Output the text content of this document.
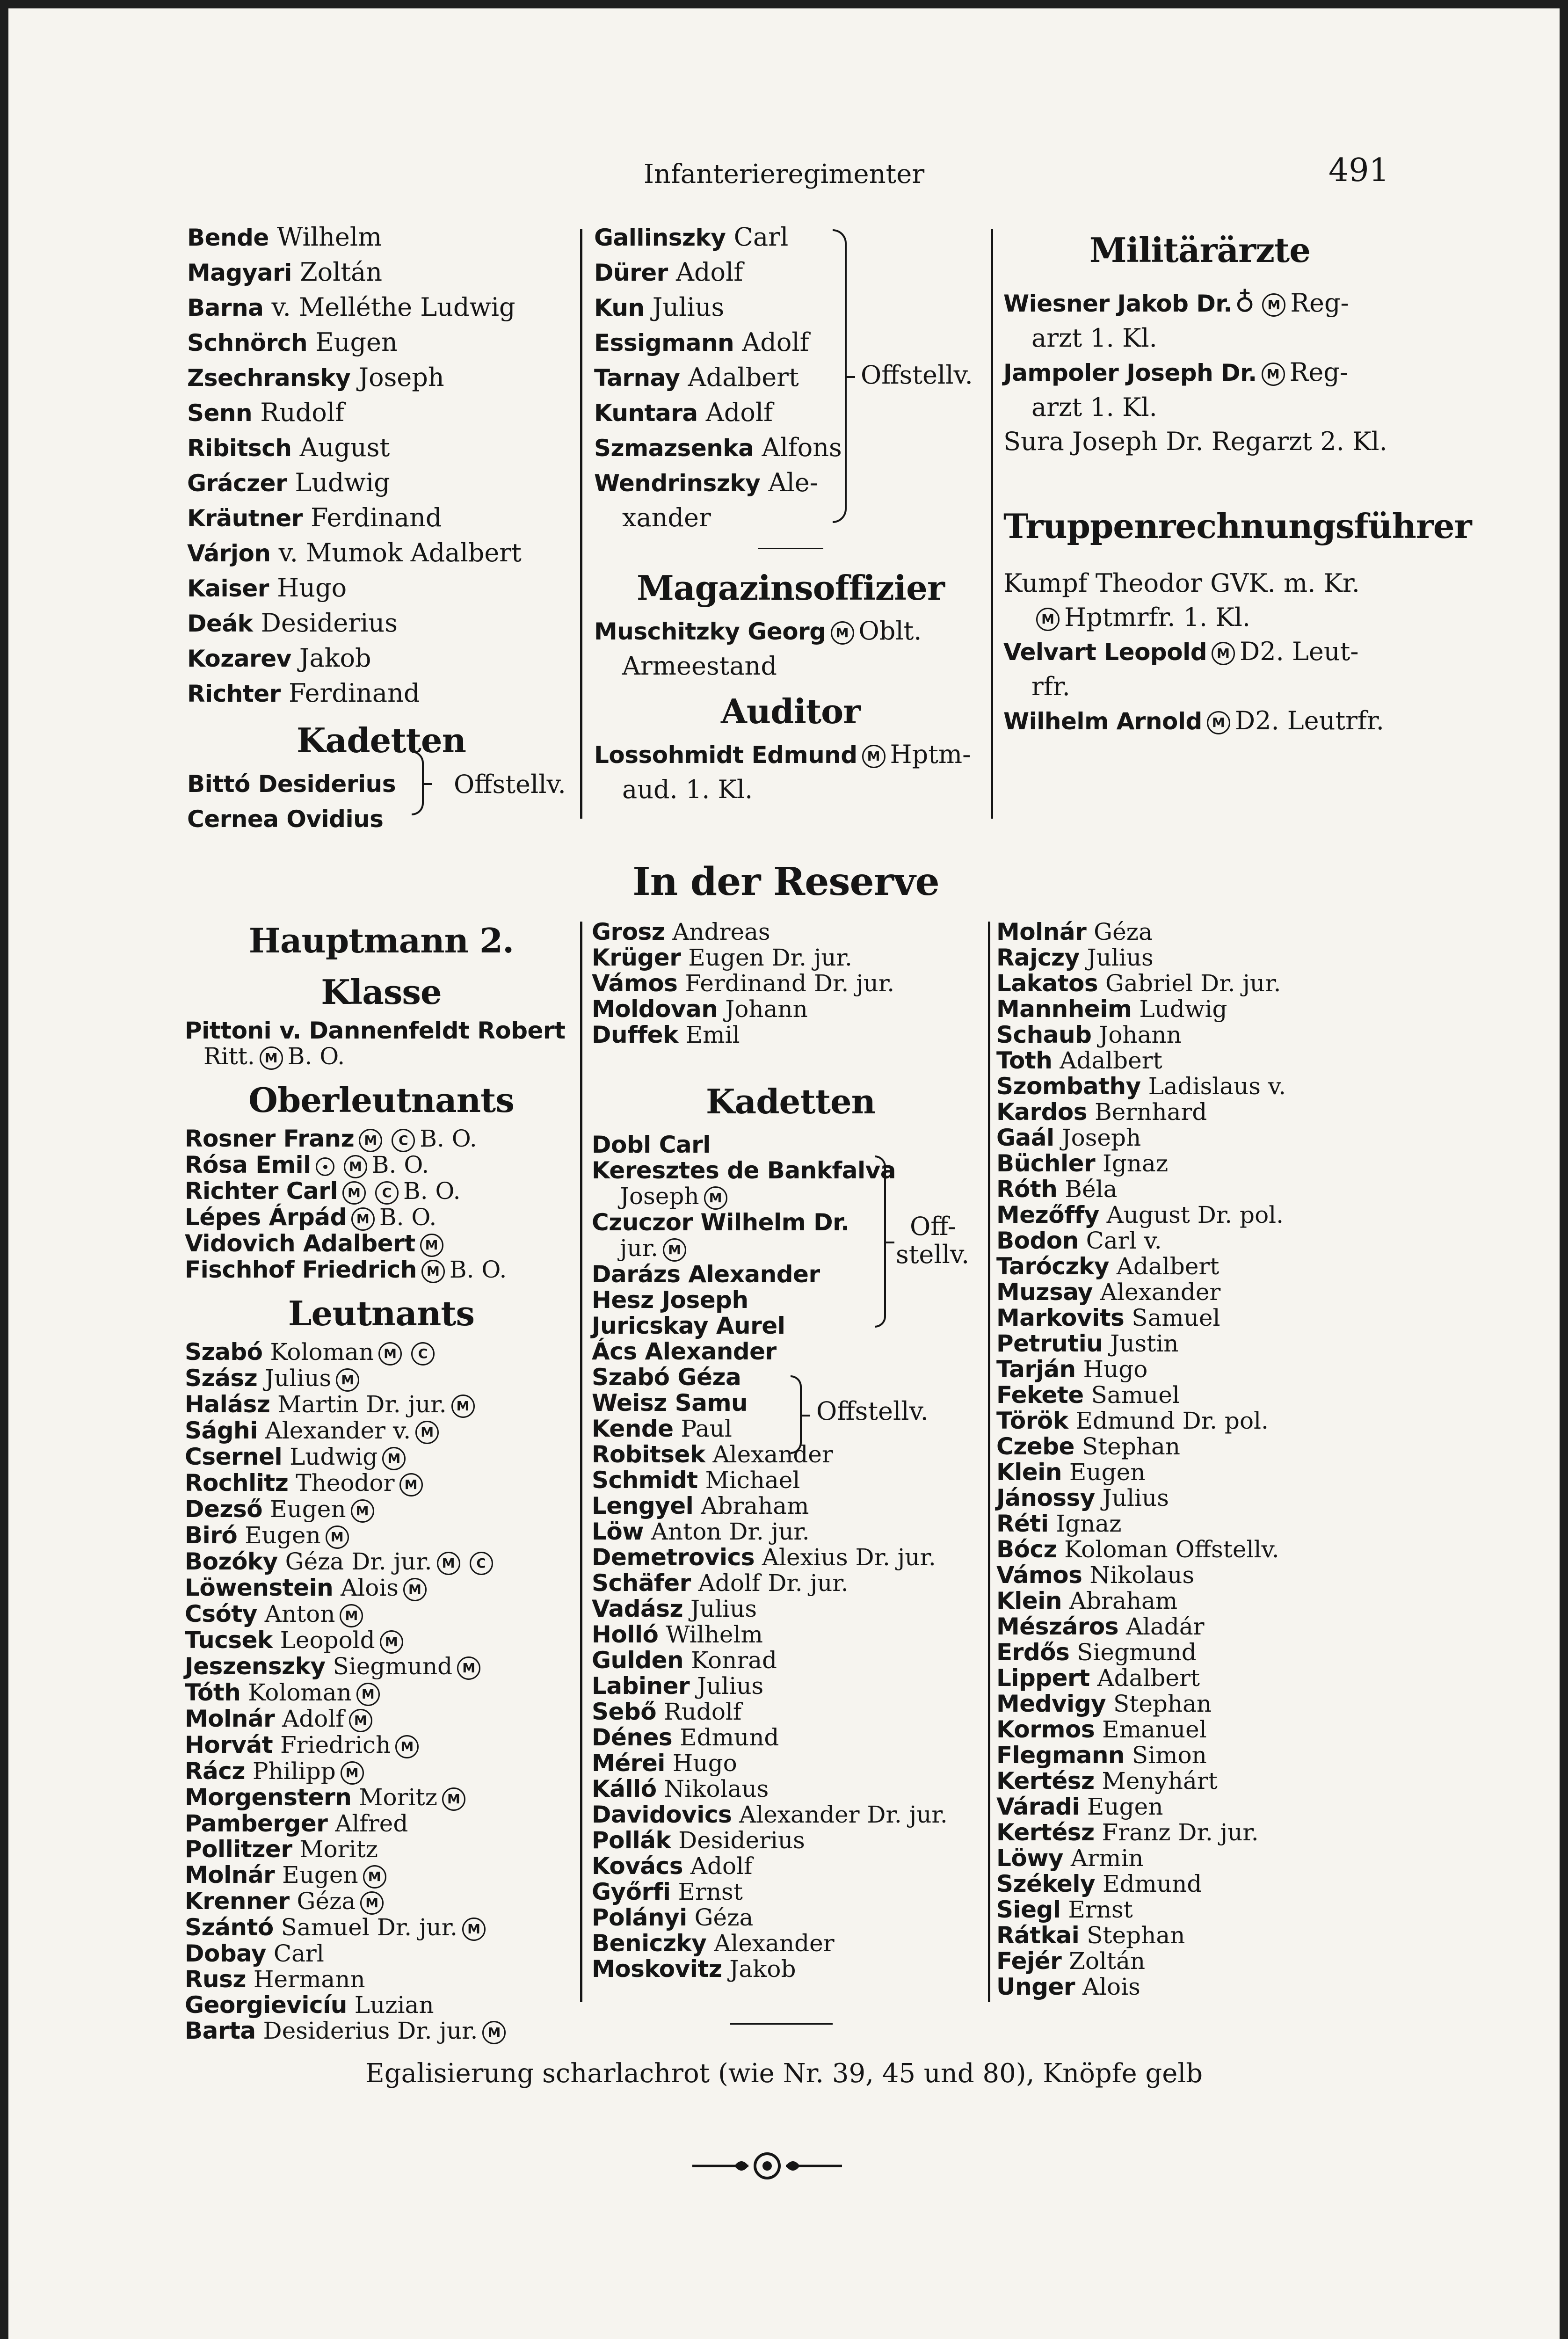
Infanterieregimenter	491
Bende Wilhelm
Magyari Zoltán
Barna v. Melléthe Ludwig
Schnörch Eugen
Zsechransky Joseph
Senn Rudolf
Ribitsch August
Gráczer Ludwig
Kräutner Ferdinand
Várjon v. Mumok Adalbert
Kaiser Hugo
Deák Desiderius
Kozarev Jakob
Richter Ferdinand
Kadetten
Bittó Desiderius
Cernea Ovidius
Offstellv.
Gallinszky Carl
Dürer Adolf
Kun Julius
Essigmann Adolf
Tarnay Adalbert
Kuntara Adolf
Szmazsenka Alfons
Wendrinszky Ale-
xander
Magazinsoffizier
Muschitzky Georg M Oblt.
Armeestand
Auditor
Lossohmidt Edmund M Hptm-
aud. 1. Kl.
Offstellv.
Militärärzte
Wiesner Jakob Dr. ♁ M Reg-
arzt 1. Kl.
Jampoler Joseph Dr. M Reg-
arzt 1. Kl.
Sura Joseph Dr. Regarzt 2. Kl.
Truppenrechnungsführer
Kumpf Theodor GVK. m. Kr.
M Hptmrfr. 1. Kl.
Velvart Leopold M D2. Leut-
rfr.
Wilhelm Arnold M D2. Leutrfr.
In der Reserve
Hauptmann 2. Klasse
Pittoni v. Dannenfeldt Robert
Ritt. M B. O.
Oberleutnants
Rosner Franz M C B. O.
Rósa Emil	M B. O.
Richter Carl M C B. O.
Lépes Árpád M B. O.
Vidovich Adalbert M
Fischhof Friedrich M B. O.
Leutnants
Szabó Koloman M C
Szász Julius M
Halász Martin Dr. jur. M
Sághi Alexander v. M
Csernel Ludwig M
Rochlitz Theodor M
Dezső Eugen M
Biró Eugen M
Bozóky Géza Dr. jur. M C
Löwenstein Alois M
Csóty Anton M
Tucsek Leopold M
Jeszenszky Siegmund M
Tóth Koloman M
Molnár Adolf M
Horvát Friedrich M
Rácz Philipp M
Morgenstern Moritz M
Pamberger Alfred
Pollitzer Moritz
Molnár Eugen M
Krenner Géza M
Szántó Samuel Dr. jur. M
Dobay Carl
Rusz Hermann
Georgievicíu Luzian
Barta Desiderius Dr. jur. M
Grosz Andreas
Krüger Eugen Dr. jur.
Vámos Ferdinand Dr. jur.
Moldovan Johann
Duffek Emil
Kadetten
Dobl Carl
Keresztes de Bankfalva
Joseph M
Czuczor Wilhelm Dr.
jur. M
Darázs Alexander
Hesz Joseph
Juricskay Aurel
Ács Alexander
Szabó Géza
Weisz Samu
Kende Paul
Robitsek Alexander
Schmidt Michael
Lengyel Abraham
Löw Anton Dr. jur.
Demetrovics Alexius Dr. jur.
Schäfer Adolf Dr. jur.
Vadász Julius
Holló Wilhelm
Gulden Konrad
Labiner Julius
Sebő Rudolf
Dénes Edmund
Mérei Hugo
Kálló Nikolaus
Davidovics Alexander Dr. jur.
Pollák Desiderius
Kovács Adolf
Győrfi Ernst
Polányi Géza
Beniczky Alexander
Moskovitz Jakob
Off-
stellv.
Offstellv.
Molnár Géza
Rajczy Julius
Lakatos Gabriel Dr. jur.
Mannheim Ludwig
Schaub Johann
Toth Adalbert
Szombathy Ladislaus v.
Kardos Bernhard
Gaál Joseph
Büchler Ignaz
Róth Béla
Mezőffy August Dr. pol.
Bodon Carl v.
Taróczky Adalbert
Muzsay Alexander
Markovits Samuel
Petrutiu Justin
Tarján Hugo
Fekete Samuel
Török Edmund Dr. pol.
Czebe Stephan
Klein Eugen
Jánossy Julius
Réti Ignaz
Bócz Koloman Offstellv.
Vámos Nikolaus
Klein Abraham
Mészáros Aladár
Erdős Siegmund
Lippert Adalbert
Medvigy Stephan
Kormos Emanuel
Flegmann Simon
Kertész Menyhárt
Váradi Eugen
Kertész Franz Dr. jur.
Löwy Armin
Székely Edmund
Siegl Ernst
Rátkai Stephan
Fejér Zoltán
Unger Alois
Egalisierung scharlachrot (wie Nr. 39, 45 und 80), Knöpfe gelb
